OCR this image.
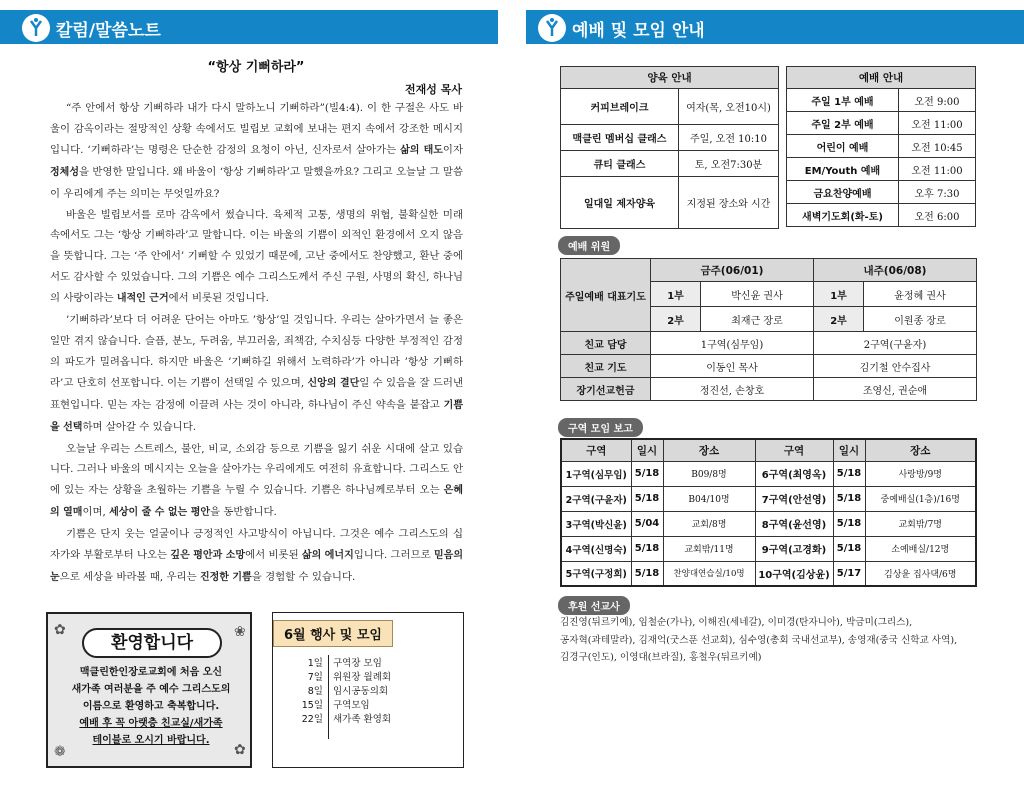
칼럼/말씀노트	예배 및 모임 안내
“항상 기뻐하라”
전재성 목사

“주 안에서 항상 기뻐하라 내가 다시 말하노니 기뻐하라”(빌4:4). 이 한 구절은 사도 바울이 감옥이라는 절망적인 상황 속에서도 빌립보 교회에 보내는 편지 속에서 강조한 메시지입니다. ‘기뻐하라’는 명령은 단순한 감정의 요청이 아닌, 신자로서 살아가는 삶의 태도이자 정체성을 반영한 말입니다. 왜 바울이 ‘항상 기뻐하라’고 말했을까요? 그리고 오늘날 그 말씀이 우리에게 주는 의미는 무엇일까요?

바울은 빌립보서를 로마 감옥에서 썼습니다. 육체적 고통, 생명의 위협, 불확실한 미래 속에서도 그는 ‘항상 기뻐하라’고 말합니다. 이는 바울의 기쁨이 외적인 환경에서 오지 않음을 뜻합니다. 그는 ‘주 안에서’ 기뻐할 수 있었기 때문에, 고난 중에서도 찬양했고, 환난 중에서도 감사할 수 있었습니다. 그의 기쁨은 예수 그리스도께서 주신 구원, 사명의 확신, 하나님의 사랑이라는 내적인 근거에서 비롯된 것입니다.

’기뻐하라’보다 더 어려운 단어는 아마도 ’항상’일 것입니다. 우리는 살아가면서 늘 좋은 일만 겪지 않습니다. 슬픔, 분노, 두려움, 부끄러움, 죄책감, 수치심등 다양한 부정적인 감정의 파도가 밀려옵니다. 하지만 바울은 ’기뻐하길 위해서 노력하라’가 아니라 ’항상 기뻐하라’고 단호히 선포합니다. 이는 기쁨이 선택일 수 있으며, 신앙의 결단일 수 있음을 잘 드러낸 표현입니다. 믿는 자는 감정에 이끌려 사는 것이 아니라, 하나님이 주신 약속을 붙잡고 기쁨을 선택하며 살아갈 수 있습니다.

오늘날 우리는 스트레스, 불안, 비교, 소외감 등으로 기쁨을 잃기 쉬운 시대에 살고 있습니다. 그러나 바울의 메시지는 오늘을 살아가는 우리에게도 여전히 유효합니다. 그리스도 안에 있는 자는 상황을 초월하는 기쁨을 누릴 수 있습니다. 기쁨은 하나님께로부터 오는 은혜의 열매이며, 세상이 줄 수 없는 평안을 동반합니다.

기쁨은 단지 웃는 얼굴이나 긍정적인 사고방식이 아닙니다. 그것은 예수 그리스도의 십자가와 부활로부터 나오는 깊은 평안과 소망에서 비롯된 삶의 에너지입니다. 그러므로 믿음의 눈으로 세상을 바라볼 때, 우리는 진정한 기쁨을 경험할 수 있습니다.

✿	❀
❁	✿
환영합니다
맥클린한인장로교회에 처음 오신
새가족 여러분을 주 예수 그리스도의
이름으로 환영하고 축복합니다.
예배 후 꼭 아랫층 친교실/새가족
테이블로 오시기 바랍니다.
6월 행사 및 모임
1일 구역장 모임
7일 위원장 월례회
8일 임시공동의회
15일 구역모임
22일 새가족 환영회
양육 안내	
커피브레이크	여자(목, 오전10시)
맥클린 멤버십 클래스	주일, 오전 10:10
큐티 클래스	토, 오전7:30분
일대일 제자양육	지정된 장소와 시간
예배 안내	
주일 1부 예배	오전 9:00
주일 2부 예배	오전 11:00
어린이 예배	오전 10:45
EM/Youth 예배	오전 11:00
금요찬양예배	오후 7:30
새벽기도회(화-토)	오전 6:00
예배 위원
주일예배 대표기도	금주(06/01)		내주(06/08)	
	1부	박신윤 권사	1부	윤정혜 권사
	2부	최재근 장로	2부	이원종 장로
친교 담당	1구역(심무임)		2구역(구윤자)	
친교 기도	이동인 목사		김기철 안수집사	
장기선교헌금	정진선, 손창호		조영신, 권순애	
구역 모임 보고
구역	일시	장소	구역	일시	장소
1구역(심무임)	5/18	B09/8명	6구역(최영옥)	5/18	사랑방/9명
2구역(구윤자)	5/18	B04/10명	7구역(안선영)	5/18	중예배실(1층)/16명
3구역(박신윤)	5/04	교회/8명	8구역(윤선영)	5/18	교회밖/7명
4구역(신명숙)	5/18	교회밖/11명	9구역(고경화)	5/18	소예배실/12명
5구역(구정희)	5/18	찬양대연습실/10명	10구역(김상윤)	5/17	김상윤 집사댁/6명
후원 선교사
김진영(뒤르키예), 임철순(가나), 이해진(세네갈), 이미경(탄자니아), 박금미(그리스),
공자혁(과테말라), 김재억(굿스푼 선교회), 심수영(총회 국내선교부), 송영재(중국 신학교 사역),
김경구(인도), 이영대(브라질), 홍철우(뒤르키예)
